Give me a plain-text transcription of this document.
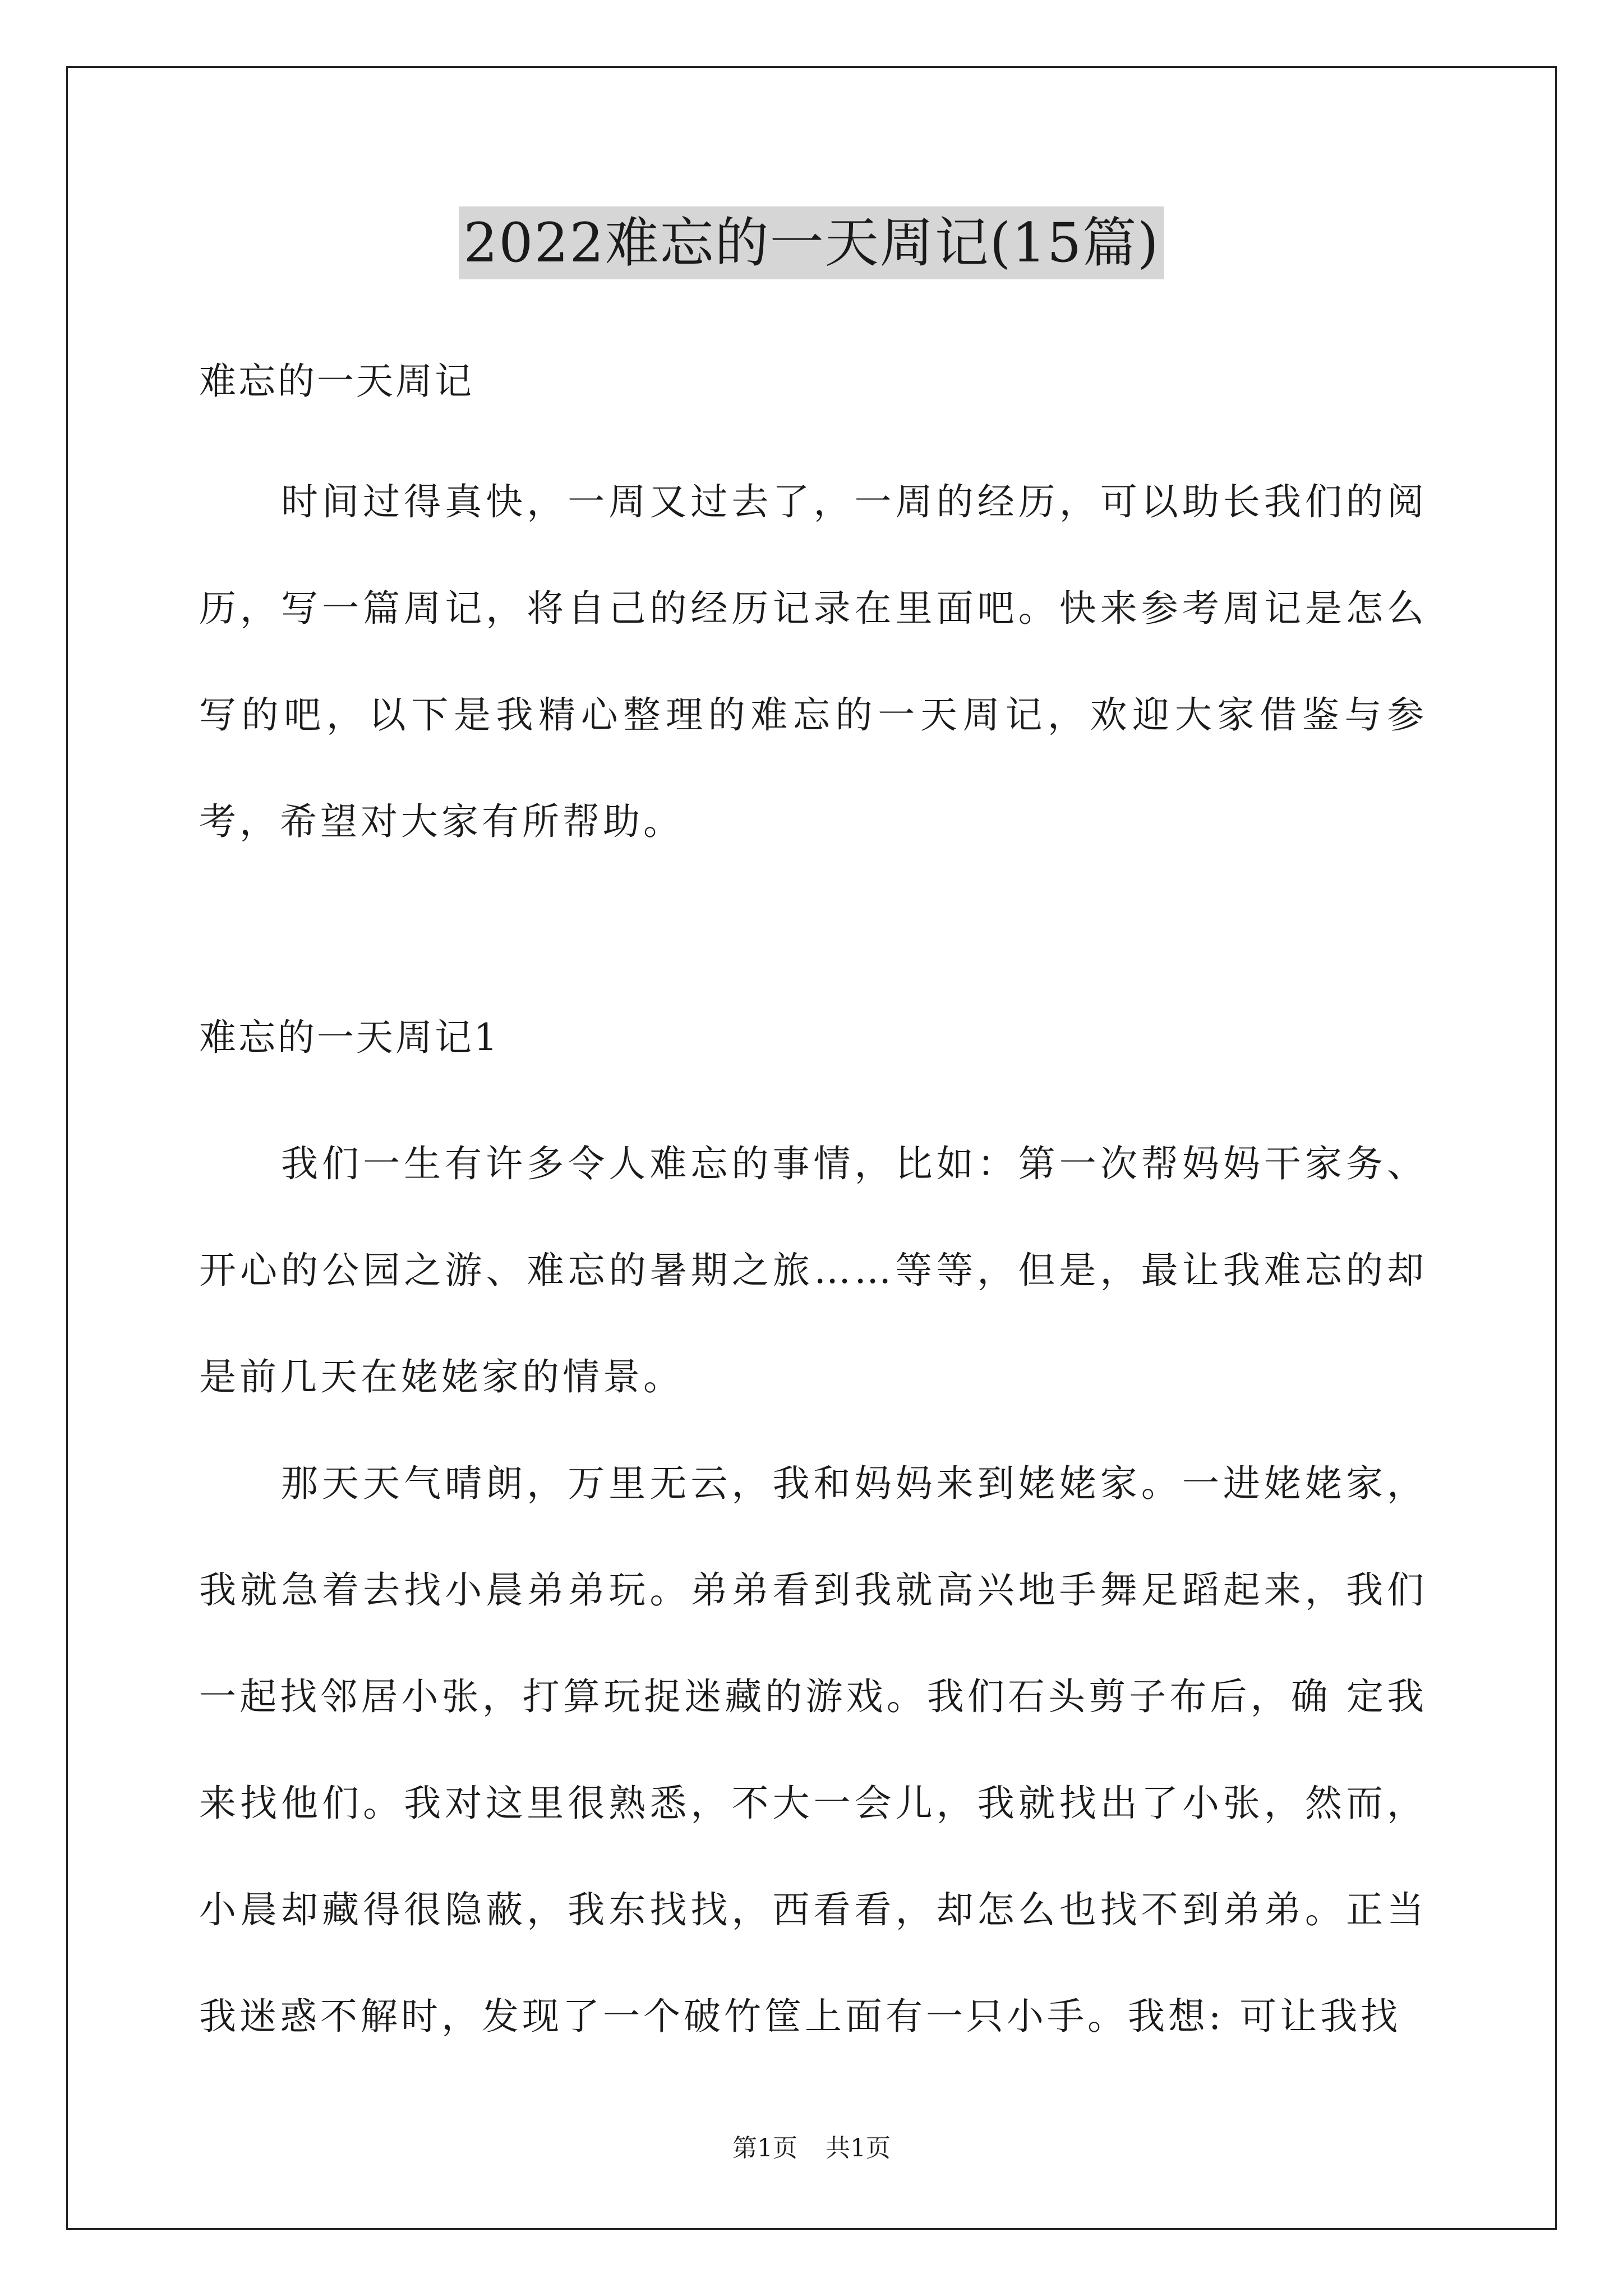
2022难忘的一天周记(15篇)

难忘的一天周记

时间过得真快，一周又过去了，一周的经历，可以助长我们的阅历，写一篇周记，将自己的经历记录在里面吧。快来参考周记是怎么写的吧，以下是我精心整理的难忘的一天周记，欢迎大家借鉴与参考，希望对大家有所帮助。

难忘的一天周记1

我们一生有许多令人难忘的事情，比如：第一次帮妈妈干家务、开心的公园之游、难忘的暑期之旅……等等，但是，最让我难忘的却是前几天在姥姥家的情景。

那天天气晴朗，万里无云，我和妈妈来到姥姥家。一进姥姥家，我就急着去找小晨弟弟玩。弟弟看到我就高兴地手舞足蹈起来，我们一起找邻居小张，打算玩捉迷藏的游戏。我们石头剪子布后，确 定我来找他们。我对这里很熟悉，不大一会儿，我就找出了小张，然而，小晨却藏得很隐蔽，我东找找，西看看，却怎么也找不到弟弟。正当我迷惑不解时，发现了一个破竹筐上面有一只小手。我想: 可让我找

第1页 共1页
